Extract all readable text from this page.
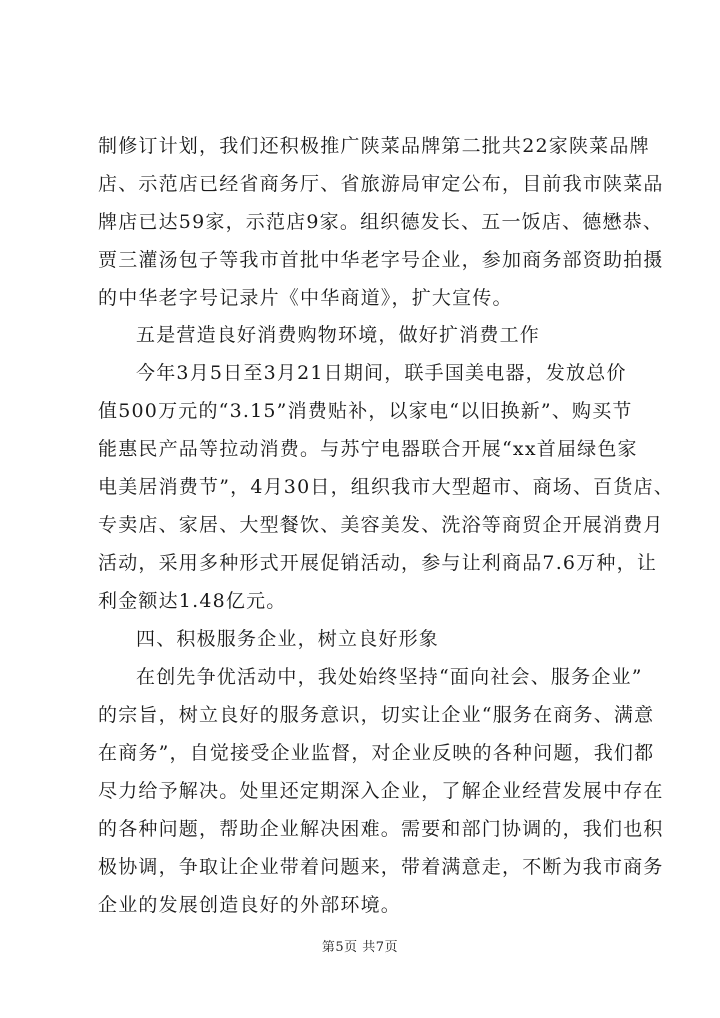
制修订计划，我们还积极推广陕菜品牌第二批共22家陕菜品牌
店、示范店已经省商务厅、省旅游局审定公布，目前我市陕菜品
牌店已达59家，示范店9家。组织德发长、五一饭店、德懋恭、
贾三灌汤包子等我市首批中华老字号企业，参加商务部资助拍摄
的中华老字号记录片《中华商道》，扩大宣传。
五是营造良好消费购物环境，做好扩消费工作
今年3月5日至3月21日期间，联手国美电器，发放总价
值500万元的“3.15”消费贴补，以家电“以旧换新”、购买节
能惠民产品等拉动消费。与苏宁电器联合开展“xx首届绿色家
电美居消费节”，4月30日，组织我市大型超市、商场、百货店、
专卖店、家居、大型餐饮、美容美发、洗浴等商贸企开展消费月
活动，采用多种形式开展促销活动，参与让利商品7.6万种，让
利金额达1.48亿元。
四、积极服务企业，树立良好形象
在创先争优活动中，我处始终坚持“面向社会、服务企业”
的宗旨，树立良好的服务意识，切实让企业“服务在商务、满意
在商务”，自觉接受企业监督，对企业反映的各种问题，我们都
尽力给予解决。处里还定期深入企业，了解企业经营发展中存在
的各种问题，帮助企业解决困难。需要和部门协调的，我们也积
极协调，争取让企业带着问题来，带着满意走，不断为我市商务
企业的发展创造良好的外部环境。
第5页 共7页
